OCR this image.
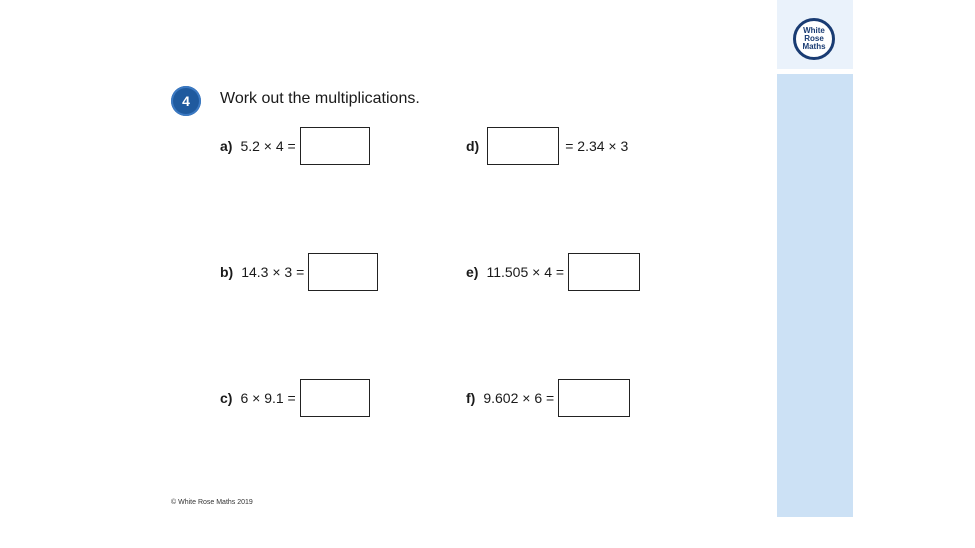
White
Rose
Maths
4	Work out the multiplications.
a) 5.2 × 4 =
b) 14.3 × 3 =
c) 6 × 9.1 =
d)	= 2.34 × 3
e) 11.505 × 4 =
f) 9.602 × 6 =
© White Rose Maths 2019
